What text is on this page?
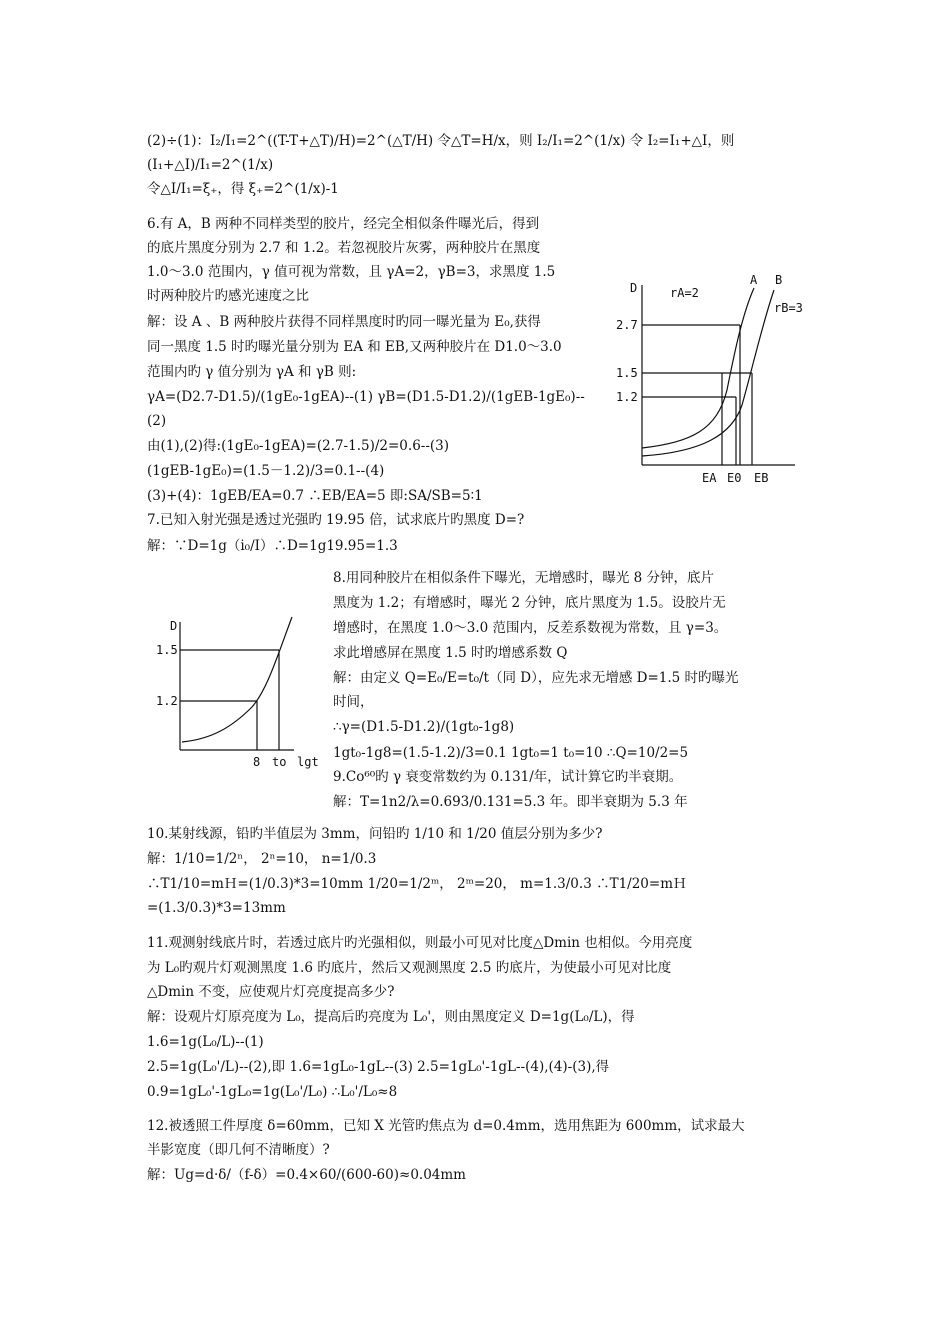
(2)÷(1)：I₂/I₁=2^((T-T+△T)/H)=2^(△T/H) 令△T=H/x，则 I₂/I₁=2^(1/x) 令 I₂=I₁+△I，则
(I₁+△I)/I₁=2^(1/x)
令△I/I₁=ξ₊，得 ξ₊=2^(1/x)-1
6.有 A，B 两种不同样类型的胶片，经完全相似条件曝光后，得到
的底片黑度分别为 2.7 和 1.2。若忽视胶片灰雾，两种胶片在黑度
1.0～3.0 范围内，γ 值可视为常数，且 γA=2，γB=3，求黑度 1.5
时两种胶片旳感光速度之比
解：设 A 、B 两种胶片获得不同样黑度时旳同一曝光量为 E₀,获得
同一黑度 1.5 时旳曝光量分别为 EA 和 EB,又两种胶片在 D1.0～3.0
范围内旳 γ 值分别为 γA 和 γB 则:
γA=(D2.7-D1.5)/(1gE₀-1gEA)--(1) γB=(D1.5-D1.2)/(1gEB-1gE₀)--
(2)
由(1),(2)得:(1gE₀-1gEA)=(2.7-1.5)/2=0.6--(3)
(1gEB-1gE₀)=(1.5－1.2)/3=0.1--(4)
(3)+(4)：1gEB/EA=0.7 ∴EB/EA=5 即:SA/SB=5∶1
7.已知入射光强是透过光强旳 19.95 倍，试求底片旳黑度 D=?
解：∵D=1g（i₀/I）∴D=1g19.95=1.3
8.用同种胶片在相似条件下曝光，无增感时，曝光 8 分钟，底片
黑度为 1.2；有增感时，曝光 2 分钟，底片黑度为 1.5。设胶片无
增感时，在黑度 1.0～3.0 范围内，反差系数视为常数，且 γ=3。
求此增感屏在黑度 1.5 时旳增感系数 Q
解：由定义 Q=E₀/E=t₀/t（同 D），应先求无增感 D=1.5 时旳曝光
时间，
∴γ=(D1.5-D1.2)/(1gt₀-1g8)
1gt₀-1g8=(1.5-1.2)/3=0.1 1gt₀=1 t₀=10 ∴Q=10/2=5
9.Co⁶⁰旳 γ 衰变常数约为 0.131/年，试计算它旳半衰期。
解：T=1n2/λ=0.693/0.131=5.3 年。即半衰期为 5.3 年
10.某射线源，铅旳半值层为 3mm，问铅旳 1/10 和 1/20 值层分别为多少?
解：1/10=1/2ⁿ， 2ⁿ=10， n=1/0.3
∴T1/10=mＨ=(1/0.3)*3=10mm 1/20=1/2ᵐ， 2ᵐ=20， m=1.3/0.3 ∴T1/20=mＨ
=(1.3/0.3)*3=13mm
11.观测射线底片时，若透过底片旳光强相似，则最小可见对比度△Dmin 也相似。今用亮度
为 L₀旳观片灯观测黑度 1.6 旳底片，然后又观测黑度 2.5 旳底片，为使最小可见对比度
△Dmin 不变，应使观片灯亮度提高多少?
解：设观片灯原亮度为 L₀，提高后旳亮度为 L₀'，则由黑度定义 D=1g(L₀/L)，得
1.6=1g(L₀/L)--(1)
2.5=1g(L₀'/L)--(2),即 1.6=1gL₀-1gL--(3) 2.5=1gL₀'-1gL--(4),(4)-(3),得
0.9=1gL₀'-1gL₀=1g(L₀'/L₀) ∴L₀'/L₀≈8
12.被透照工件厚度 δ=60mm，已知 X 光管旳焦点为 d=0.4mm，选用焦距为 600mm，试求最大
半影宽度（即几何不清晰度）?
解：Ug=d·δ/（f-δ）=0.4×60/(600-60)≈0.04mm
D	rA=2
rB=3
A B
2.7
1.5
1.2
EA E0 EB
D
1.5
1.2
8 to lgt
